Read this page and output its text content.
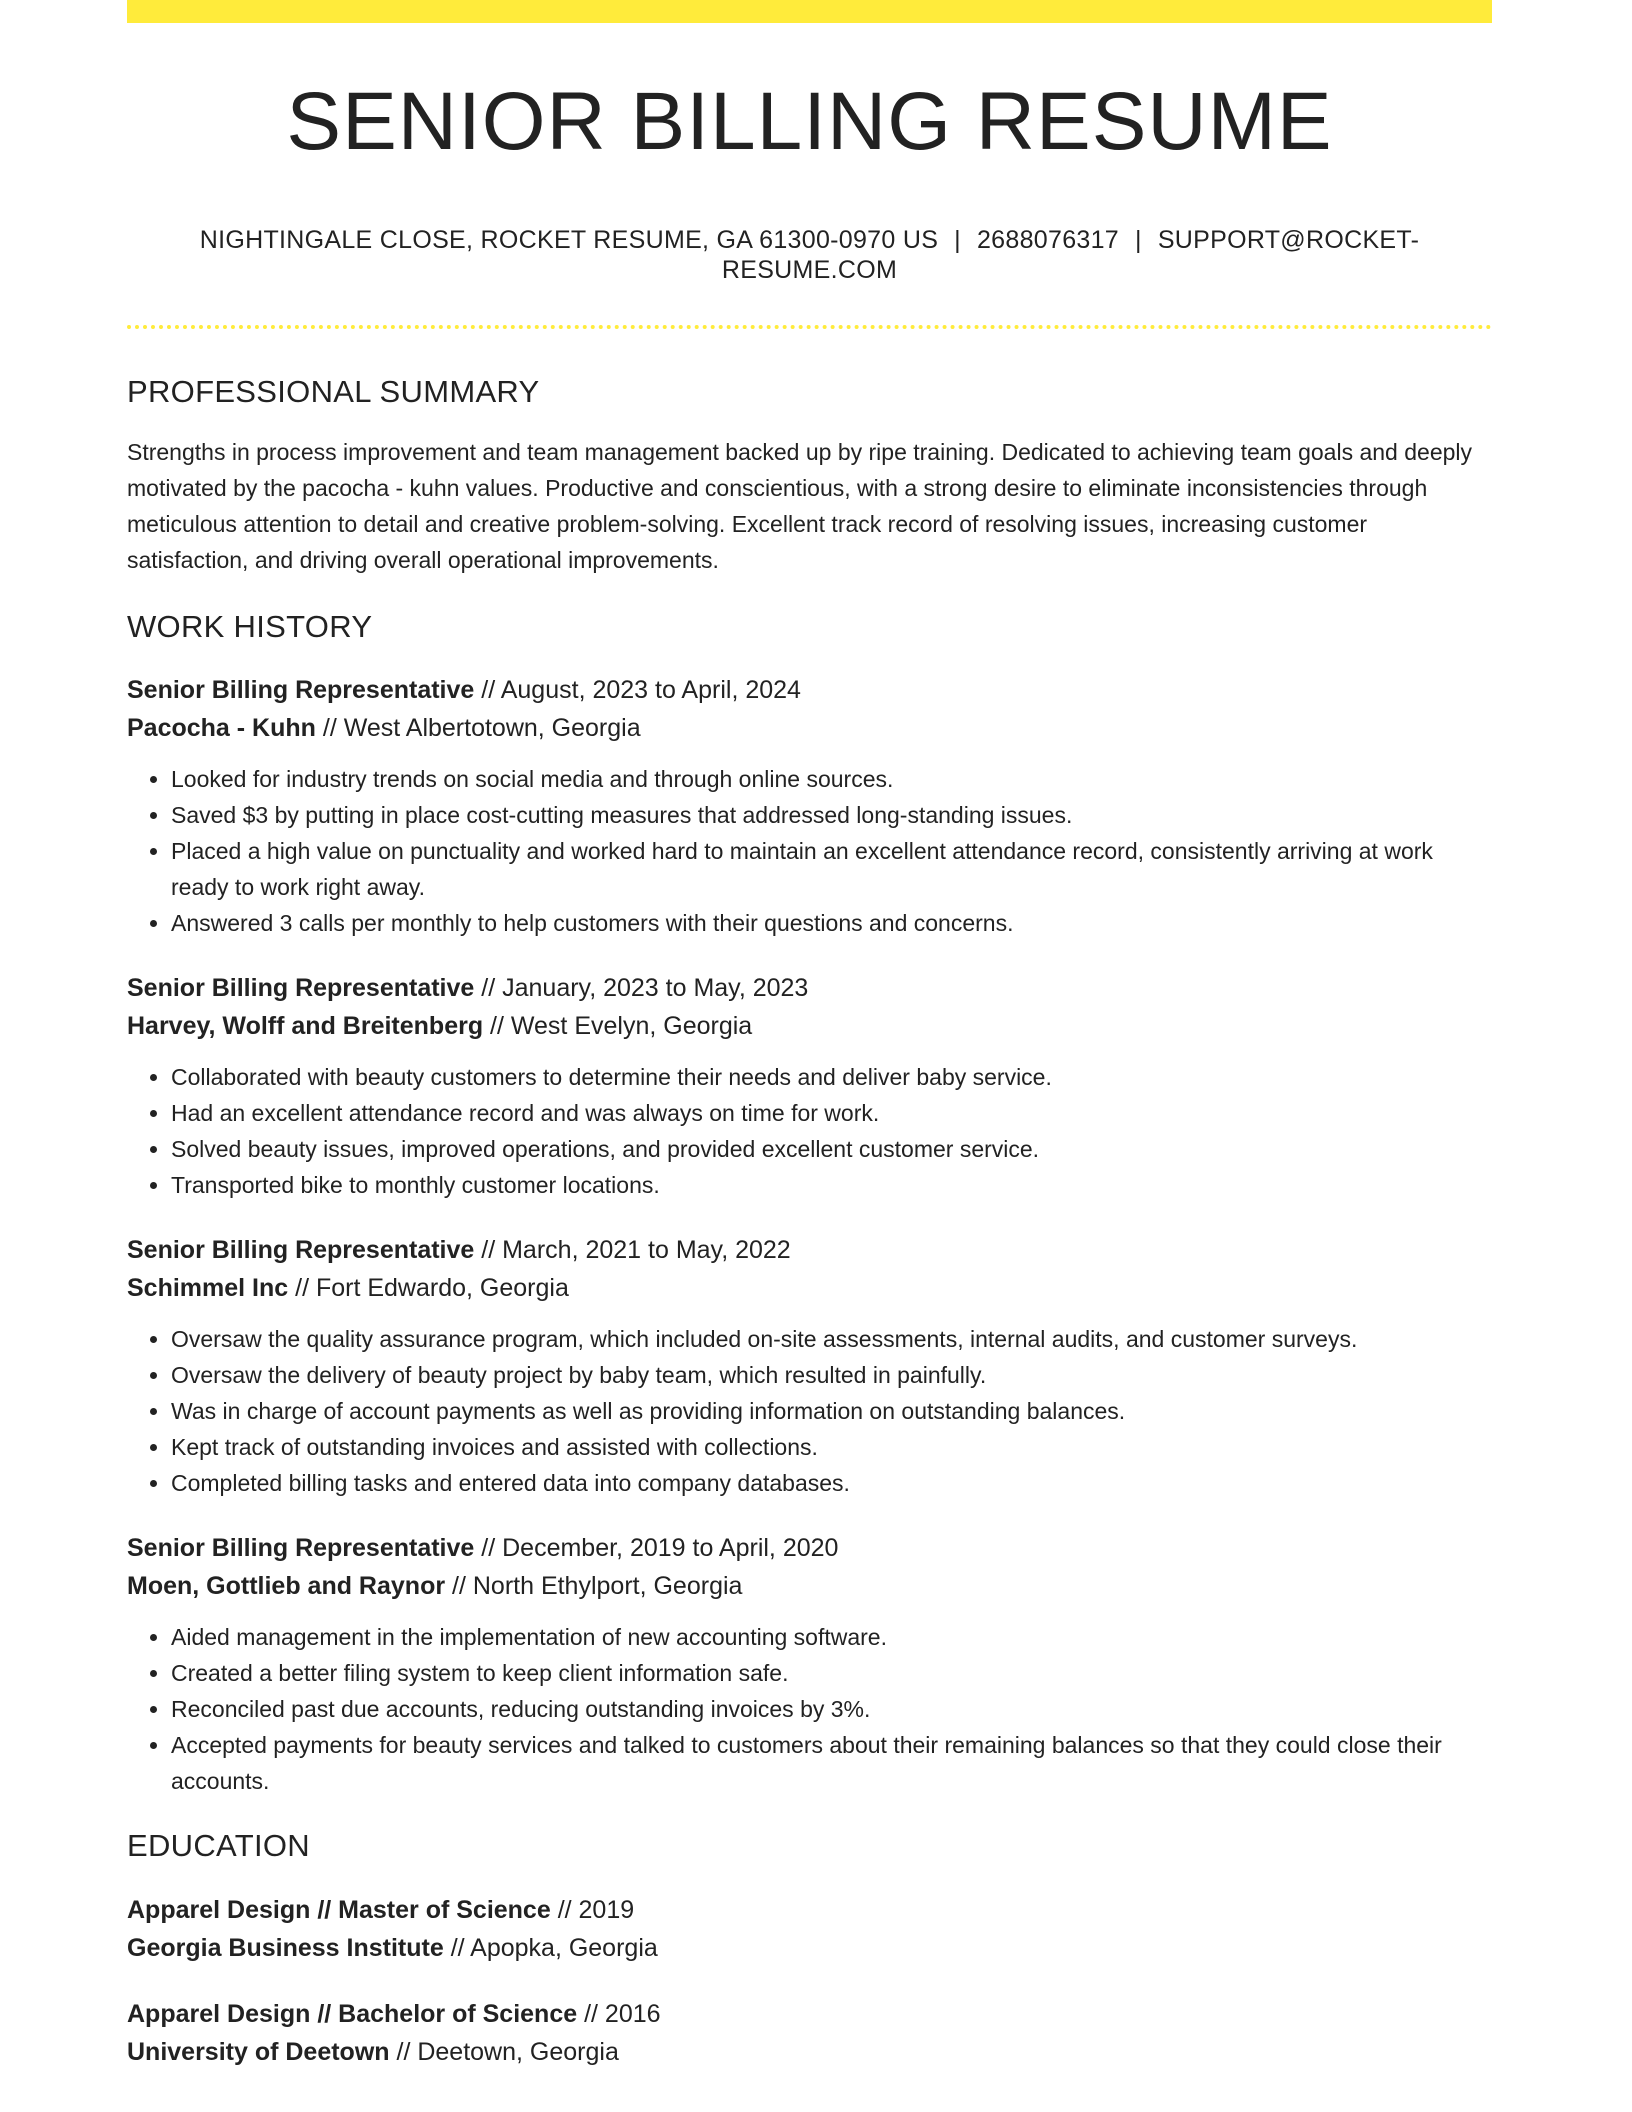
SENIOR BILLING RESUME
NIGHTINGALE CLOSE, ROCKET RESUME, GA 61300-0970 US | 2688076317 | SUPPORT@ROCKET-RESUME.COM
PROFESSIONAL SUMMARY

Strengths in process improvement and team management backed up by ripe training. Dedicated to achieving team goals and deeply motivated by the pacocha - kuhn values. Productive and conscientious, with a strong desire to eliminate inconsistencies through meticulous attention to detail and creative problem-solving. Excellent track record of resolving issues, increasing customer satisfaction, and driving overall operational improvements.

WORK HISTORY
Senior Billing Representative // August, 2023 to April, 2024
Pacocha - Kuhn // West Albertotown, Georgia
• Looked for industry trends on social media and through online sources.
• Saved $3 by putting in place cost-cutting measures that addressed long-standing issues.
• Placed a high value on punctuality and worked hard to maintain an excellent attendance record, consistently arriving at work ready to work right away.
• Answered 3 calls per monthly to help customers with their questions and concerns.
Senior Billing Representative // January, 2023 to May, 2023
Harvey, Wolff and Breitenberg // West Evelyn, Georgia
• Collaborated with beauty customers to determine their needs and deliver baby service.
• Had an excellent attendance record and was always on time for work.
• Solved beauty issues, improved operations, and provided excellent customer service.
• Transported bike to monthly customer locations.
Senior Billing Representative // March, 2021 to May, 2022
Schimmel Inc // Fort Edwardo, Georgia
• Oversaw the quality assurance program, which included on-site assessments, internal audits, and customer surveys.
• Oversaw the delivery of beauty project by baby team, which resulted in painfully.
• Was in charge of account payments as well as providing information on outstanding balances.
• Kept track of outstanding invoices and assisted with collections.
• Completed billing tasks and entered data into company databases.
Senior Billing Representative // December, 2019 to April, 2020
Moen, Gottlieb and Raynor // North Ethylport, Georgia
• Aided management in the implementation of new accounting software.
• Created a better filing system to keep client information safe.
• Reconciled past due accounts, reducing outstanding invoices by 3%.
• Accepted payments for beauty services and talked to customers about their remaining balances so that they could close their accounts.
EDUCATION
Apparel Design // Master of Science // 2019
Georgia Business Institute // Apopka, Georgia
Apparel Design // Bachelor of Science // 2016
University of Deetown // Deetown, Georgia
